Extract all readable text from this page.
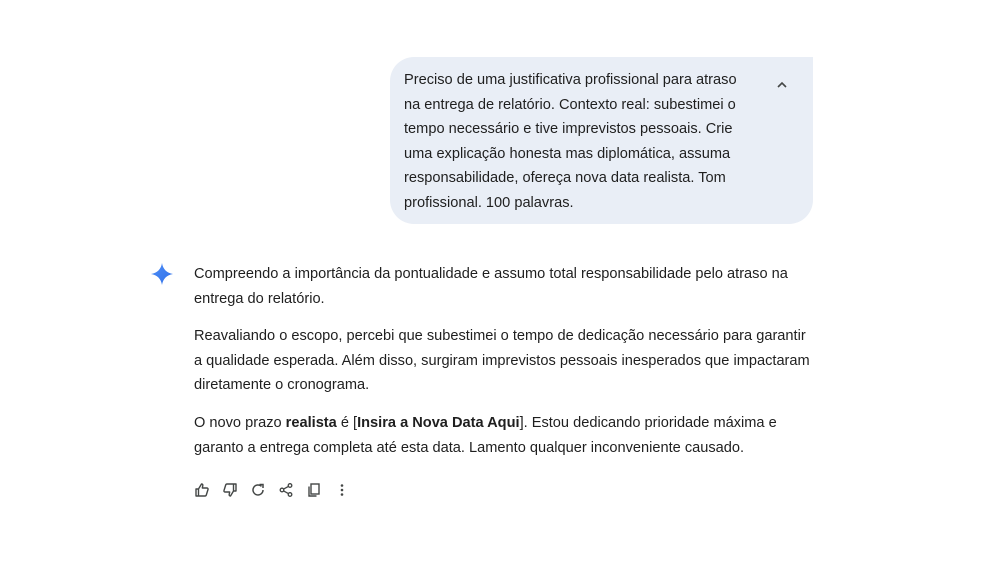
Preciso de uma justificativa profissional para atraso na entrega de relatório. Contexto real: subestimei o tempo necessário e tive imprevistos pessoais. Crie uma explicação honesta mas diplomática, assuma responsabilidade, ofereça nova data realista. Tom profissional. 100 palavras.

Compreendo a importância da pontualidade e assumo total responsabilidade pelo atraso na entrega do relatório.

Reavaliando o escopo, percebi que subestimei o tempo de dedicação necessário para garantir a qualidade esperada. Além disso, surgiram imprevistos pessoais inesperados que impactaram diretamente o cronograma.

O novo prazo realista é [Insira a Nova Data Aqui]. Estou dedicando prioridade máxima e garanto a entrega completa até esta data. Lamento qualquer inconveniente causado.
